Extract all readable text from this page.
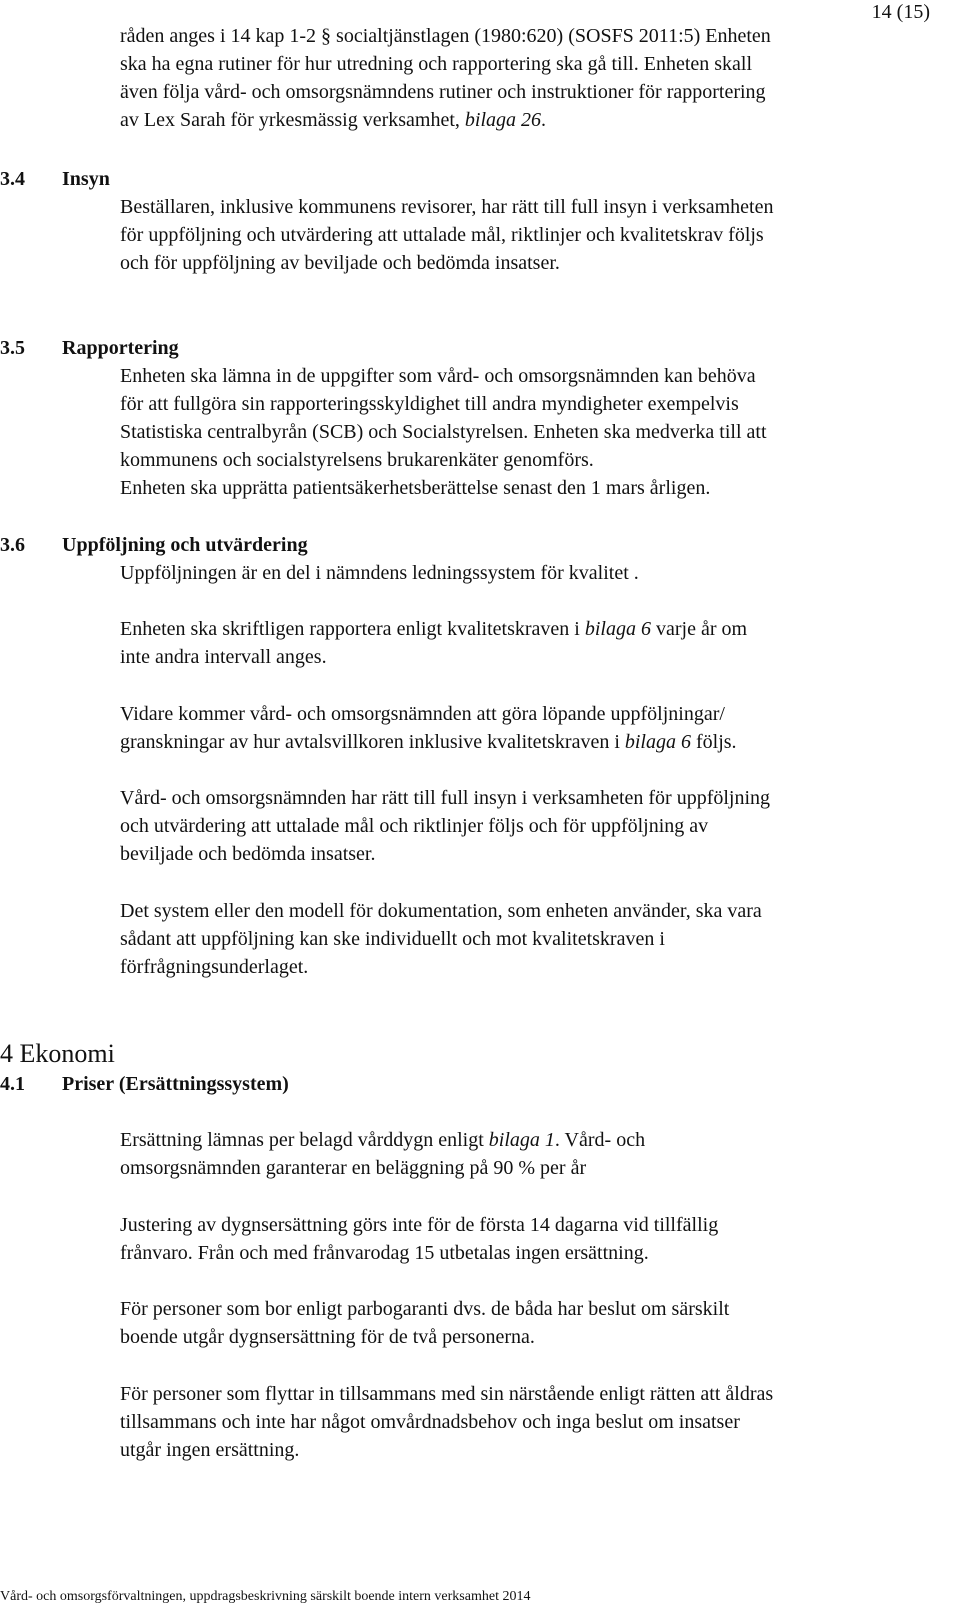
14 (15)
råden anges i 14 kap 1-2 § socialtjänstlagen (1980:620) (SOSFS 2011:5) Enheten
ska ha egna rutiner för hur utredning och rapportering ska gå till. Enheten skall
även följa vård- och omsorgsnämndens rutiner och instruktioner för rapportering
av Lex Sarah för yrkesmässig verksamhet, bilaga 26.
3.4 Insyn
Beställaren, inklusive kommunens revisorer, har rätt till full insyn i verksamheten
för uppföljning och utvärdering att uttalade mål, riktlinjer och kvalitetskrav följs
och för uppföljning av beviljade och bedömda insatser.
3.5 Rapportering
Enheten ska lämna in de uppgifter som vård- och omsorgsnämnden kan behöva
för att fullgöra sin rapporteringsskyldighet till andra myndigheter exempelvis
Statistiska centralbyrån (SCB) och Socialstyrelsen. Enheten ska medverka till att
kommunens och socialstyrelsens brukarenkäter genomförs.
Enheten ska upprätta patientsäkerhetsberättelse senast den 1 mars årligen.
3.6 Uppföljning och utvärdering
Uppföljningen är en del i nämndens ledningssystem för kvalitet .
Enheten ska skriftligen rapportera enligt kvalitetskraven i bilaga 6 varje år om
inte andra intervall anges.
Vidare kommer vård- och omsorgsnämnden att göra löpande uppföljningar/
granskningar av hur avtalsvillkoren inklusive kvalitetskraven i bilaga 6 följs.
Vård- och omsorgsnämnden har rätt till full insyn i verksamheten för uppföljning
och utvärdering att uttalade mål och riktlinjer följs och för uppföljning av
beviljade och bedömda insatser.
Det system eller den modell för dokumentation, som enheten använder, ska vara
sådant att uppföljning kan ske individuellt och mot kvalitetskraven i
förfrågningsunderlaget.
4 Ekonomi
4.1 Priser (Ersättningssystem)
Ersättning lämnas per belagd vårddygn enligt bilaga 1. Vård- och
omsorgsnämnden garanterar en beläggning på 90 % per år
Justering av dygnsersättning görs inte för de första 14 dagarna vid tillfällig
frånvaro. Från och med frånvarodag 15 utbetalas ingen ersättning.
För personer som bor enligt parbogaranti dvs. de båda har beslut om särskilt
boende utgår dygnsersättning för de två personerna.
För personer som flyttar in tillsammans med sin närstående enligt rätten att åldras
tillsammans och inte har något omvårdnadsbehov och inga beslut om insatser
utgår ingen ersättning.
Vård- och omsorgsförvaltningen, uppdragsbeskrivning särskilt boende intern verksamhet 2014
